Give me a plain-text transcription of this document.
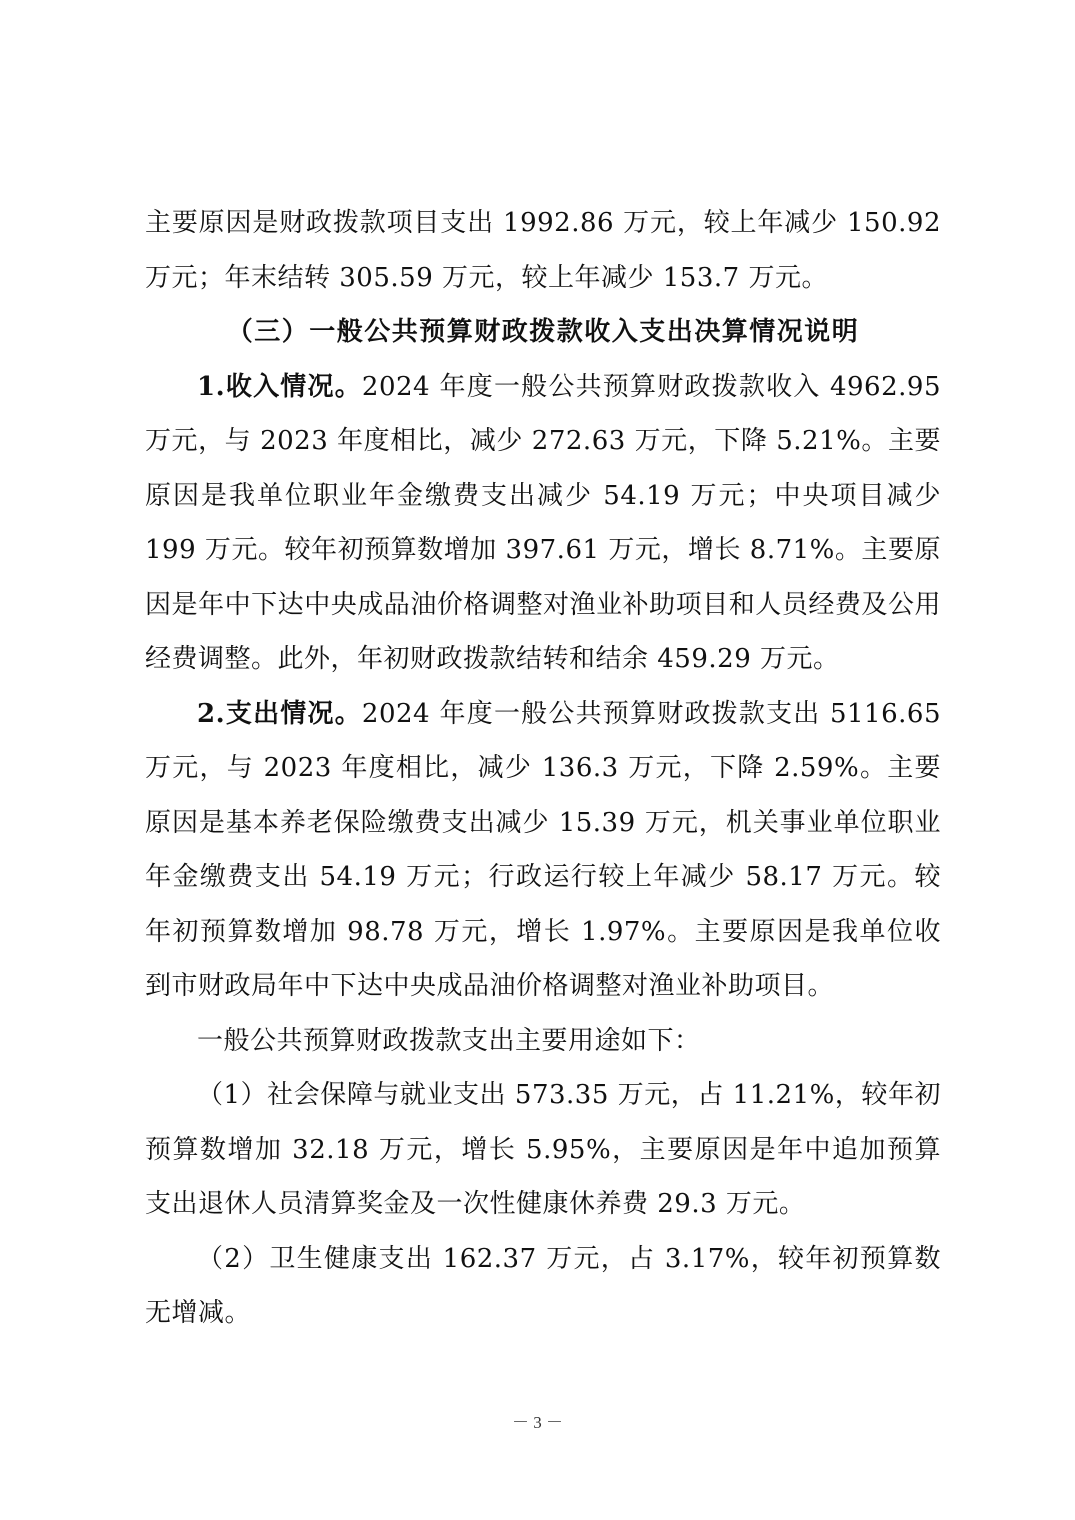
主要原因是财政拨款项目支出 1992.86 万元，较上年减少 150.92 万元；年末结转 305.59 万元，较上年减少 153.7 万元。

（三）一般公共预算财政拨款收入支出决算情况说明

1.收入情况。2024 年度一般公共预算财政拨款收入 4962.95 万元，与 2023 年度相比，减少 272.63 万元，下降 5.21%。主要原因是我单位职业年金缴费支出减少 54.19 万元；中央项目减少 199 万元。较年初预算数增加 397.61 万元，增长 8.71%。主要原因是年中下达中央成品油价格调整对渔业补助项目和人员经费及公用经费调整。此外，年初财政拨款结转和结余 459.29 万元。

2.支出情况。2024 年度一般公共预算财政拨款支出 5116.65 万元，与 2023 年度相比，减少 136.3 万元，下降 2.59%。主要原因是基本养老保险缴费支出减少 15.39 万元，机关事业单位职业年金缴费支出 54.19 万元；行政运行较上年减少 58.17 万元。较年初预算数增加 98.78 万元，增长 1.97%。主要原因是我单位收到市财政局年中下达中央成品油价格调整对渔业补助项目。

一般公共预算财政拨款支出主要用途如下：

（1）社会保障与就业支出 573.35 万元，占 11.21%，较年初预算数增加 32.18 万元，增长 5.95%，主要原因是年中追加预算支出退休人员清算奖金及一次性健康休养费 29.3 万元。

（2）卫生健康支出 162.37 万元，占 3.17%，较年初预算数无增减。

－ 3 －
